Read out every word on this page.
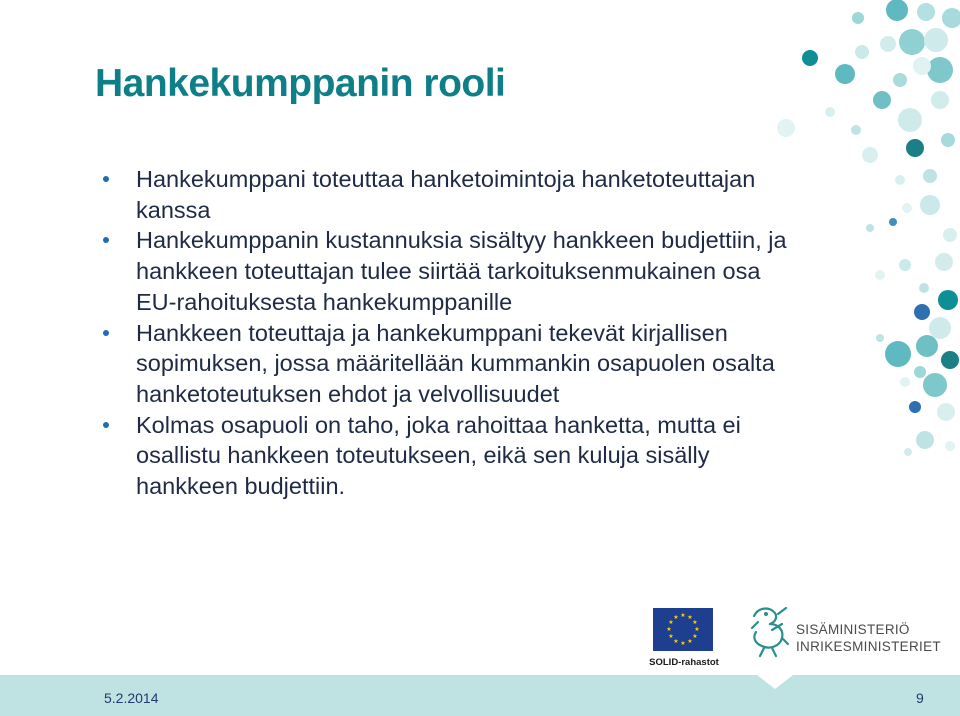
Hankekumppanin rooli
Hankekumppani toteuttaa hanketoimintoja hanketoteuttajan
kanssa
Hankekumppanin kustannuksia sisältyy hankkeen budjettiin, ja
hankkeen toteuttajan tulee siirtää tarkoituksenmukainen osa
EU-rahoituksesta hankekumppanille
Hankkeen toteuttaja ja hankekumppani tekevät kirjallisen
sopimuksen, jossa määritellään kummankin osapuolen osalta
hanketoteutuksen ehdot ja velvollisuudet
Kolmas osapuoli on taho, joka rahoittaa hanketta, mutta ei
osallistu hankkeen toteutukseen, eikä sen kuluja sisälly
hankkeen budjettiin.
★ ★
★
★
★
★
★
★
★
★
★
★
SOLID-rahastot
SISÄMINISTERIÖ
INRIKESMINISTERIET
5.2.2014	9
